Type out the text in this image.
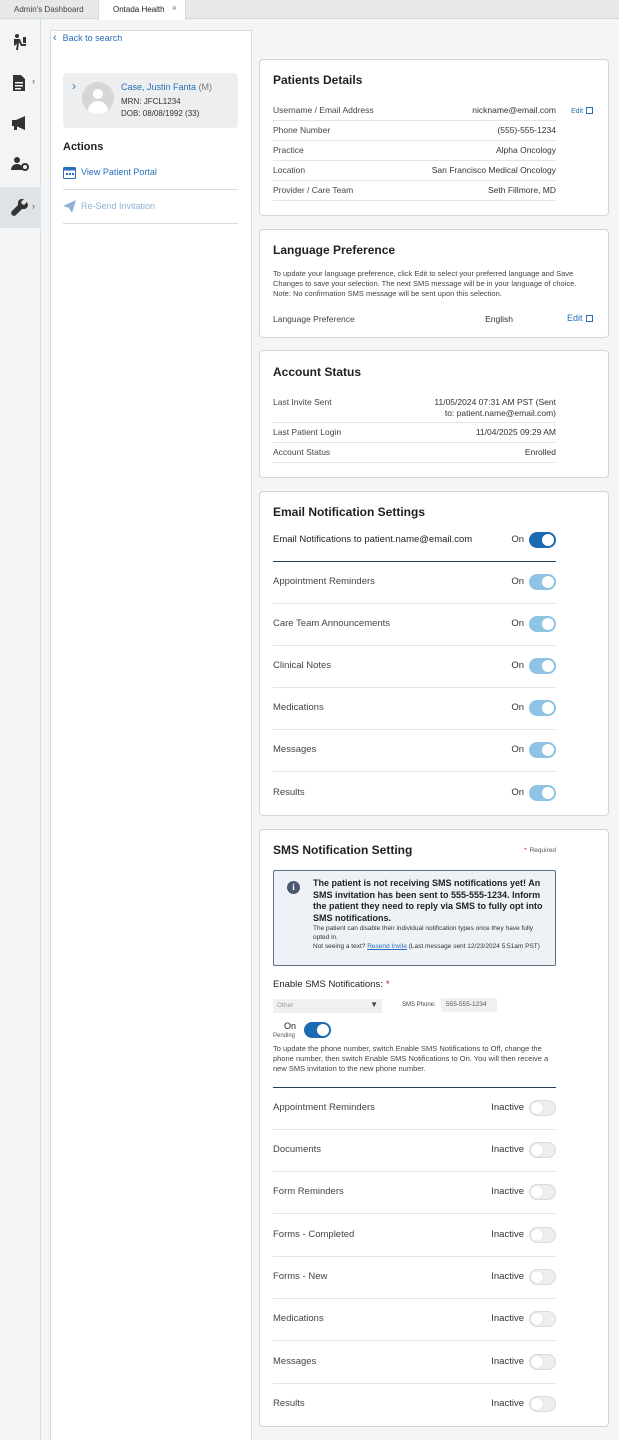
Admin's Dashboard	Ontada Health ×
›
›
‹ Back to search
›	Case, Justin Fanta (M)
MRN: JFCL1234
DOB: 08/08/1992 (33)
Actions
View Patient Portal
Re-Send Invitation
Patients Details
Username / Email Address	nickname@email.com Edit
Phone Number	(555)-555-1234
Practice	Alpha Oncology
Location	San Francisco Medical Oncology
Provider / Care Team	Seth Fillmore, MD
Language Preference
To update your language preference, click Edit to select your preferred language and Save Changes to save your selection. The next SMS message will be in your language of choice. Note: No confirmation SMS message will be sent upon this selection.
Language Preference	English	Edit
Account Status
Last Invite Sent	11/05/2024 07:31 AM PST (Sent
to: patient.name@email.com)
Last Patient Login	11/04/2025 09:29 AM
Account Status	Enrolled
Email Notification Settings
Email Notifications to patient.name@email.com	On
Appointment Reminders	On
Care Team Announcements	On
Clinical Notes	On
Medications	On
Messages	On
Results	On
SMS Notification Setting	* Required
i	The patient is not receiving SMS notifications yet! An SMS invitation has been sent to 555-555-1234. Inform the patient they need to reply via SMS to fully opt into SMS notifications.
The patient can disable their individual notification types once they have fully opted in.
Not seeing a text? Resend Invite (Last message sent 12/23/2024 5:51am PST)
Enable SMS Notifications: *
Other	▼	SMS Phone:	555-555-1234
On
Pending
To update the phone number, switch Enable SMS Notifications to Off, change the phone number, then switch Enable SMS Notifications to On. You will then receive a new SMS invitation to the new phone number.
Appointment Reminders	Inactive
Documents	Inactive
Form Reminders	Inactive
Forms - Completed	Inactive
Forms - New	Inactive
Medications	Inactive
Messages	Inactive
Results	Inactive
